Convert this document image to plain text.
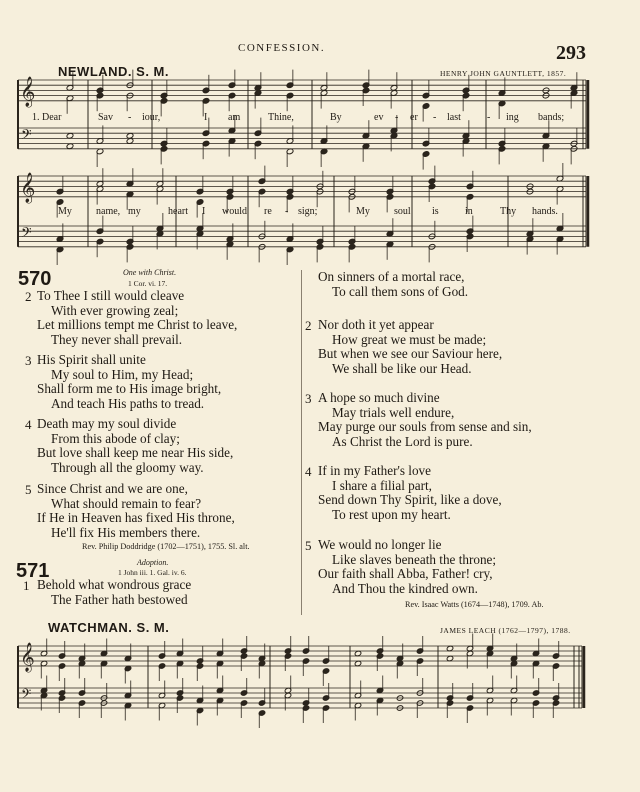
CONFESSION.	293
NEWLAND. S. M.	HENRY JOHN GAUNTLETT, 1857.
𝄞
𝄢
𝄞
𝄢
𝄞
𝄢
1. Dear	Sav - iour,	I am	Thine,	By	ev - er - last	- ing bands;
My name, my	heart I would re - sign;	My soul is	in	Thy hands.
570	One with Christ.
1 Cor. vi. 17.
2 To Thee I still would cleave
With ever growing zeal;
Let millions tempt me Christ to leave,
They never shall prevail.
3 His Spirit shall unite
My soul to Him, my Head;
Shall form me to His image bright,
And teach His paths to tread.
4 Death may my soul divide
From this abode of clay;
But love shall keep me near His side,
Through all the gloomy way.
5 Since Christ and we are one,
What should remain to fear?
If He in Heaven has fixed His throne,
He'll fix His members there.
Rev. Philip Doddridge (1702—1751), 1755. Sl. alt.
571	Adoption.
1 John iii. 1. Gal. iv. 6.
1 Behold what wondrous grace
The Father hath bestowed
On sinners of a mortal race,
To call them sons of God.
2 Nor doth it yet appear
How great we must be made;
But when we see our Saviour here,
We shall be like our Head.
3 A hope so much divine
May trials well endure,
May purge our souls from sense and sin,
As Christ the Lord is pure.
4 If in my Father's love
I share a filial part,
Send down Thy Spirit, like a dove,
To rest upon my heart.
5 We would no longer lie
Like slaves beneath the throne;
Our faith shall Abba, Father! cry,
And Thou the kindred own.
Rev. Isaac Watts (1674—1748), 1709. Ab.
WATCHMAN. S. M.	JAMES LEACH (1762—1797), 1788.
